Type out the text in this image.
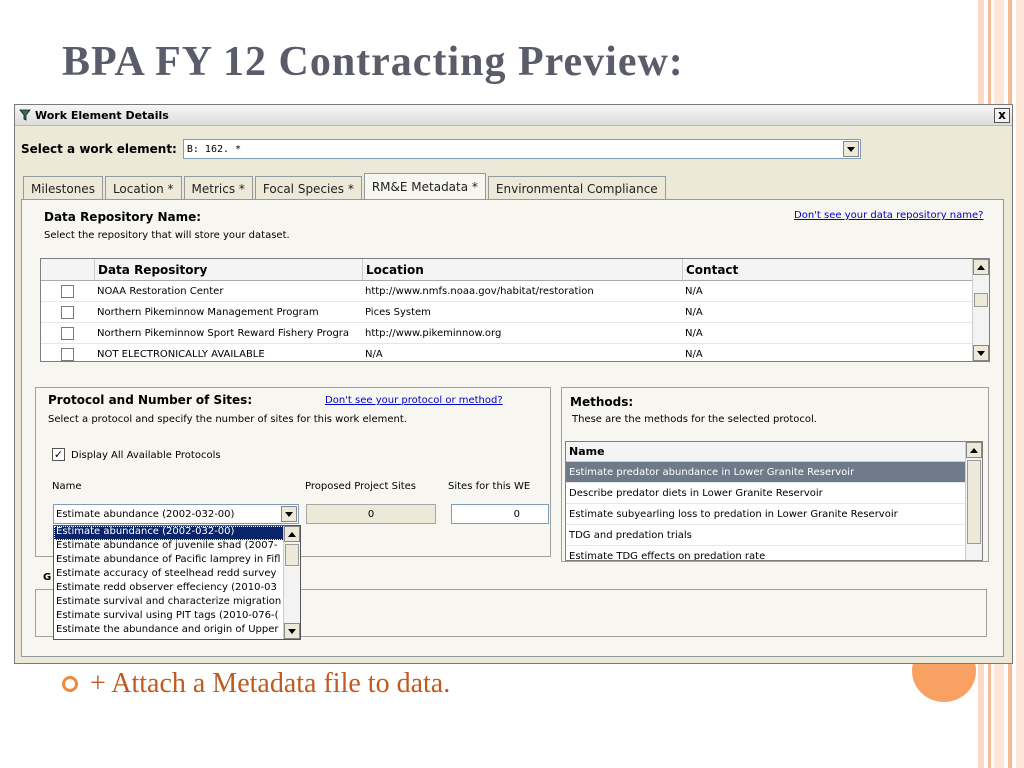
BPA FY 12 Contracting Preview:
+ Attach a Metadata file to data.
Work Element Details	x
Select a work element:	B: 162. *
Milestones	Location *	Metrics *	Focal Species *	RM&E Metadata *	Environmental Compliance
Data Repository Name:
Select the repository that will store your dataset.
Don't see your data repository name?
Data Repository	Location	Contact
NOAA Restoration Center	http://www.nmfs.noaa.gov/habitat/restoration	N/A
Northern Pikeminnow Management Program	Pices System	N/A
Northern Pikeminnow Sport Reward Fishery Progra	http://www.pikeminnow.org	N/A
NOT ELECTRONICALLY AVAILABLE	N/A	N/A
Protocol and Number of Sites:	Don't see your protocol or method?
Select a protocol and specify the number of sites for this work element.
✓ Display All Available Protocols
Name	Proposed Project Sites	Sites for this WE
Estimate abundance (2002-032-00)	0	0
G
Methods:
These are the methods for the selected protocol.
Name
Estimate predator abundance in Lower Granite Reservoir
Describe predator diets in Lower Granite Reservoir
Estimate subyearling loss to predation in Lower Granite Reservoir
TDG and predation trials
Estimate TDG effects on predation rate
Estimate abundance (2002-032-00)
Estimate abundance of juvenile shad (2007-
Estimate abundance of Pacific lamprey in Fifl
Estimate accuracy of steelhead redd survey
Estimate redd observer effeciency (2010-03
Estimate survival and characterize migration
Estimate survival using PIT tags (2010-076-(
Estimate the abundance and origin of Upper
